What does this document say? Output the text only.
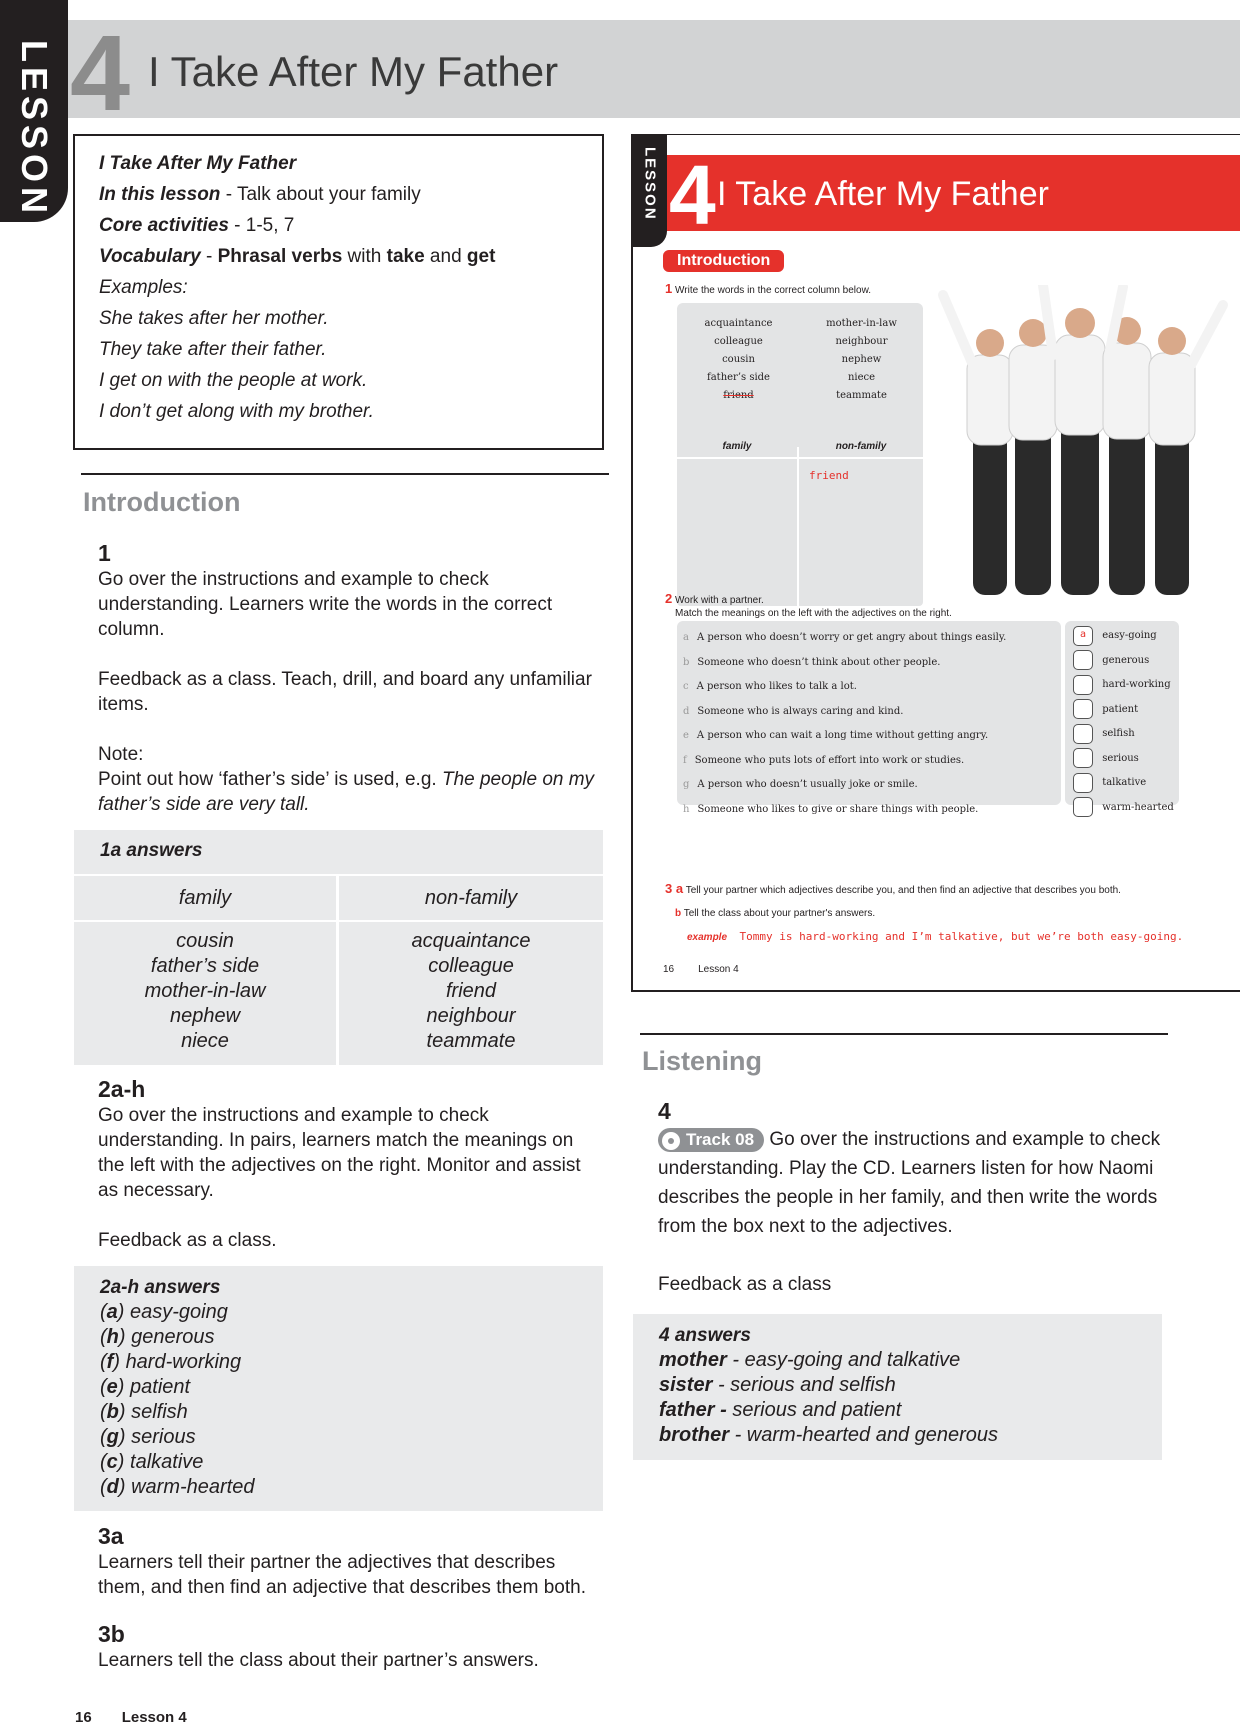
LESSON 4 I Take After My Father
I Take After My Father
In this lesson - Talk about your family
Core activities - 1-5, 7
Vocabulary - Phrasal verbs with take and get
Examples:
She takes after her mother.
They take after their father.
I get on with the people at work.
I don’t get along with my brother.
Introduction
1
Go over the instructions and example to check understanding. Learners write the words in the correct column.
Feedback as a class. Teach, drill, and board any unfamiliar items.
Note:
Point out how ‘father’s side’ is used, e.g. The people on my father’s side are very tall.
1a answers
family	non-family
cousin
father’s side
mother-in-law
nephew
niece
acquaintance
colleague
friend
neighbour
teammate
2a-h
Go over the instructions and example to check understanding. In pairs, learners match the meanings on the left with the adjectives on the right. Monitor and assist as necessary.
Feedback as a class.
2a-h answers
(a) easy-going
(h) generous
(f) hard-working
(e) patient
(b) selfish
(g) serious
(c) talkative
(d) warm-hearted
3a
Learners tell their partner the adjectives that describes them, and then find an adjective that describes them both.
3b
Learners tell the class about their partner’s answers.
16 Lesson 4
LESSON 4 I Take After My Father
Introduction
1 Write the words in the correct column below.
acquaintance
colleague
cousin
father’s side
friend
mother-in-law
neighbour
nephew
niece
teammate
family	non-family
friend
2 Work with a partner.
Match the meanings on the left with the adjectives on the right.
a A person who doesn’t worry or get angry about things easily.
b Someone who doesn’t think about other people.
c A person who likes to talk a lot.
d Someone who is always caring and kind.
e A person who can wait a long time without getting angry.
f Someone who puts lots of effort into work or studies.
g A person who doesn’t usually joke or smile.
h Someone who likes to give or share things with people.
a easy-going
generous
hard-working
patient
selfish
serious
talkative
warm-hearted
3 a Tell your partner which adjectives describe you, and then find an adjective that describes you both.
b Tell the class about your partner's answers.
example Tommy is hard-working and I’m talkative, but we’re both easy-going.
16 Lesson 4
Listening
4
Track 08 Go over the instructions and example to check understanding. Play the CD. Learners listen for how Naomi describes the people in her family, and then write the words from the box next to the adjectives.
Feedback as a class
4 answers
mother - easy-going and talkative
sister - serious and selfish
father - serious and patient
brother - warm-hearted and generous
